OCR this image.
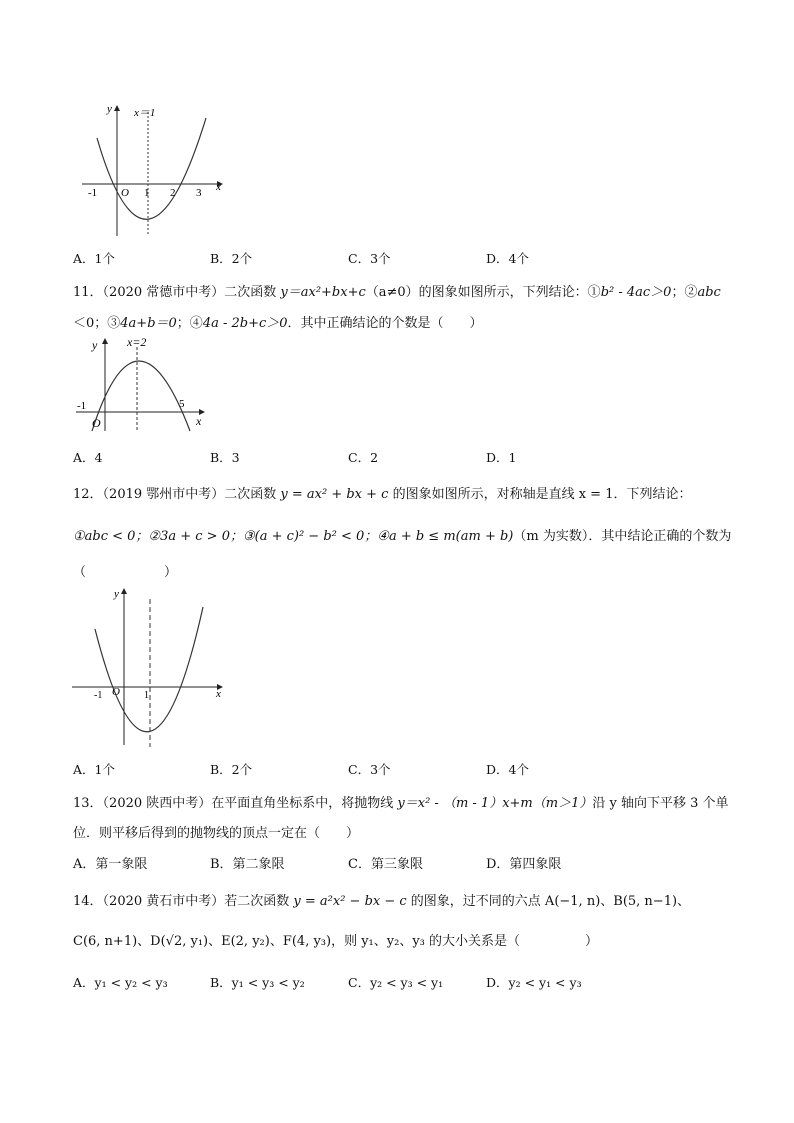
x＝1
y
x
O
-1	1 2 3
A．1个	B．2个	C．3个	D．4个
11．（2020 常德市中考）二次函数 y＝ax²+bx+c（a≠0）的图象如图所示，下列结论：①b² - 4ac＞0；②abc
＜0；③4a+b＝0；④4a - 2b+c＞0．其中正确结论的个数是（　　）
x=2
y
x
O
-1	5
A．4	B．3	C．2	D．1
12．（2019 鄂州市中考）二次函数 y = ax² + bx + c 的图象如图所示，对称轴是直线 x = 1．下列结论：
①abc < 0；②3a + c > 0；③(a + c)² − b² < 0；④a + b ≤ m(am + b)（m 为实数）．其中结论正确的个数为
（　　　　　　）
y
x
O
-1	1
A．1个	B．2个	C．3个	D．4个
13．（2020 陕西中考）在平面直角坐标系中，将抛物线 y＝x² - （m - 1）x+m（m＞1）沿 y 轴向下平移 3 个单
位．则平移后得到的抛物线的顶点一定在（　　）
A．第一象限	B．第二象限	C．第三象限	D．第四象限
14．（2020 黄石市中考）若二次函数 y = a²x² − bx − c 的图象，过不同的六点 A(−1, n)、B(5, n−1)、
C(6, n+1)、D(√2, y₁)、E(2, y₂)、F(4, y₃)，则 y₁、y₂、y₃ 的大小关系是（　　　　　）
A．y₁ < y₂ < y₃	B．y₁ < y₃ < y₂	C．y₂ < y₃ < y₁	D．y₂ < y₁ < y₃
